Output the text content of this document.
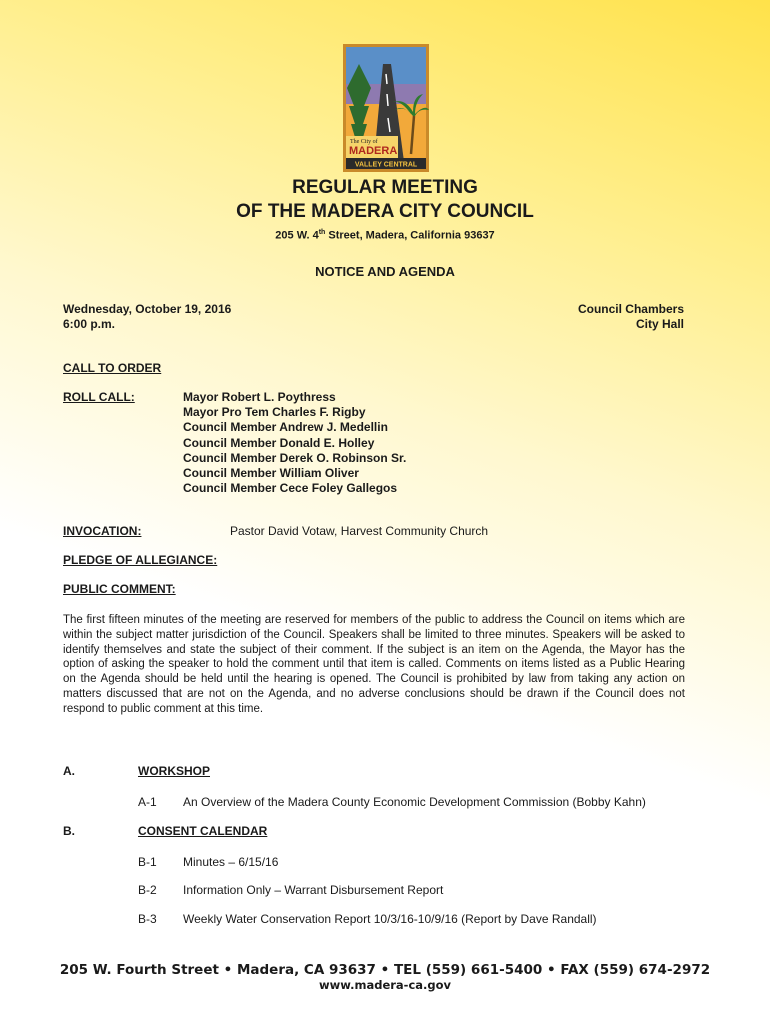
The City of
MADERA
VALLEY CENTRAL
REGULAR MEETING
OF THE MADERA CITY COUNCIL
205 W. 4th Street, Madera, California 93637
NOTICE AND AGENDA
Wednesday, October 19, 2016
6:00 p.m.
Council Chambers
City Hall
CALL TO ORDER
ROLL CALL:	Mayor Robert L. Poythress
Mayor Pro Tem Charles F. Rigby
Council Member Andrew J. Medellin
Council Member Donald E. Holley
Council Member Derek O. Robinson Sr.
Council Member William Oliver
Council Member Cece Foley Gallegos
INVOCATION:	Pastor David Votaw, Harvest Community Church
PLEDGE OF ALLEGIANCE:
PUBLIC COMMENT:
The first fifteen minutes of the meeting are reserved for members of the public to address the Council on items which are within the subject matter jurisdiction of the Council. Speakers shall be limited to three minutes. Speakers will be asked to identify themselves and state the subject of their comment. If the subject is an item on the Agenda, the Mayor has the option of asking the speaker to hold the comment until that item is called. Comments on items listed as a Public Hearing on the Agenda should be held until the hearing is opened. The Council is prohibited by law from taking any action on matters discussed that are not on the Agenda, and no adverse conclusions should be drawn if the Council does not respond to public comment at this time.
A.	WORKSHOP
A-1 An Overview of the Madera County Economic Development Commission (Bobby Kahn)
B.	CONSENT CALENDAR
B-1 Minutes – 6/15/16
B-2 Information Only – Warrant Disbursement Report
B-3 Weekly Water Conservation Report 10/3/16-10/9/16 (Report by Dave Randall)
205 W. Fourth Street • Madera, CA 93637 • TEL (559) 661-5400 • FAX (559) 674-2972
www.madera-ca.gov
